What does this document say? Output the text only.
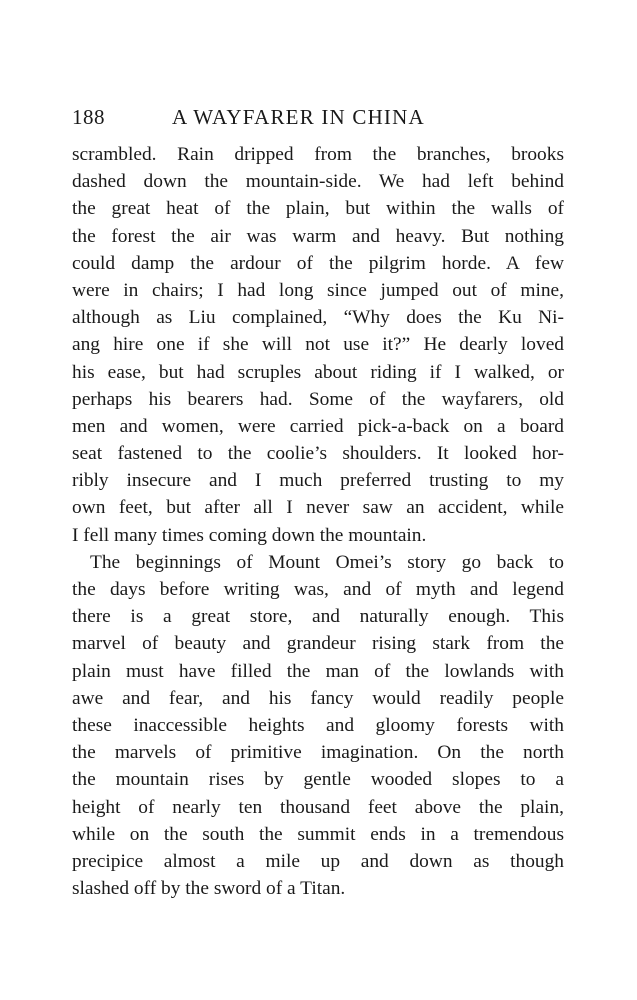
188	A WAYFARER IN CHINA
scrambled. Rain dripped from the branches, brooks
dashed down the mountain-side. We had left behind
the great heat of the plain, but within the walls of
the forest the air was warm and heavy. But nothing
could damp the ardour of the pilgrim horde. A few
were in chairs; I had long since jumped out of mine,
although as Liu complained, “Why does the Ku Ni-
ang hire one if she will not use it?” He dearly loved
his ease, but had scruples about riding if I walked, or
perhaps his bearers had. Some of the wayfarers, old
men and women, were carried pick-a-back on a board
seat fastened to the coolie’s shoulders. It looked hor-
ribly insecure and I much preferred trusting to my
own feet, but after all I never saw an accident, while
I fell many times coming down the mountain.
The beginnings of Mount Omei’s story go back to
the days before writing was, and of myth and legend
there is a great store, and naturally enough. This
marvel of beauty and grandeur rising stark from the
plain must have filled the man of the lowlands with
awe and fear, and his fancy would readily people
these inaccessible heights and gloomy forests with
the marvels of primitive imagination. On the north
the mountain rises by gentle wooded slopes to a
height of nearly ten thousand feet above the plain,
while on the south the summit ends in a tremendous
precipice almost a mile up and down as though
slashed off by the sword of a Titan.
